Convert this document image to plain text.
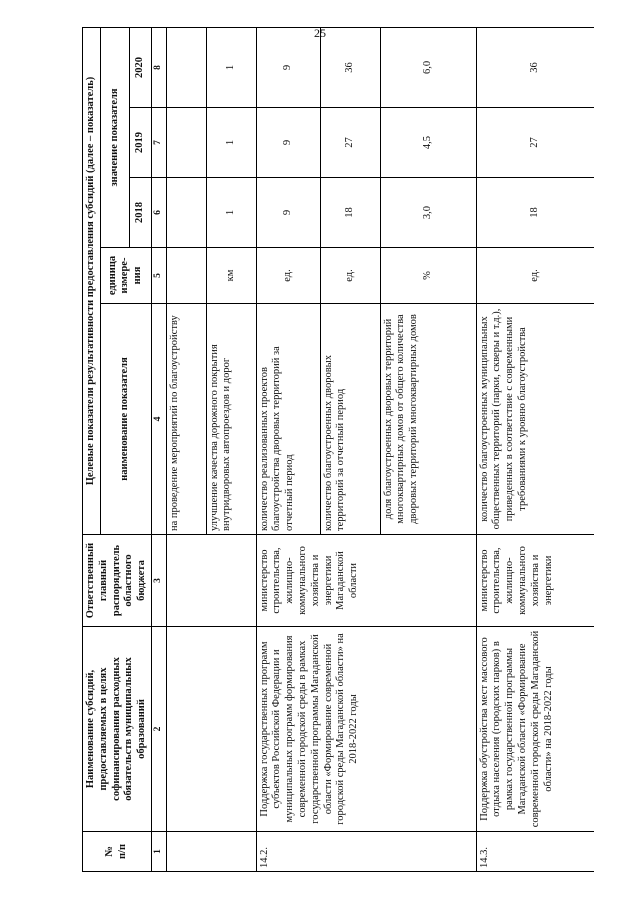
25
№
п/п	Наименование субсидий, предоставляемых в целях софинансирования расходных обязательств муниципальных образований	Ответственный главный распорядитель областного бюджета	Целевые показатели результативности предоставления субсидий (далее – показатель)				
			наименование показателя	единица измере-ния	значение показателя		
					2018	2019	2020
1	2	3	4	5	6	7	8
			на проведение мероприятий по благоустройству				
			улучшение качества дорожного покрытия внутридворовых автопроездов и дорог	км	1	1	1
14.2.	Поддержка государственных программ субъектов Российской Федерации и муниципальных программ формирования современной городской среды в рамках государственной программы Магаданской области «Формирование современной городской среды Магаданской области» на 2018-2022 годы	министерство строительства, жилищно-коммунального хозяйства и энергетики Магаданской области	количество реализованных проектов благоустройства дворовых территорий за отчетный период	ед.	9	9	9
			количество благоустроенных дворовых территорий за отчетный период	ед.	18	27	36
			доля благоустроенных дворовых территорий многоквартирных домов от общего количества дворовых территорий многоквартирных домов	%	3,0	4,5	6,0
14.3.	Поддержка обустройства мест массового отдыха населения (городских парков) в рамках государственной программы Магаданской области «Формирование современной городской среды Магаданской области» на 2018-2022 годы	министерство строительства, жилищно-коммунального хозяйства и энергетики	количество благоустроенных муниципальных общественных территорий (парки, скверы и т.д.), приведенных в соответствие с современными требованиями к уровню благоустройства	ед.	18	27	36
